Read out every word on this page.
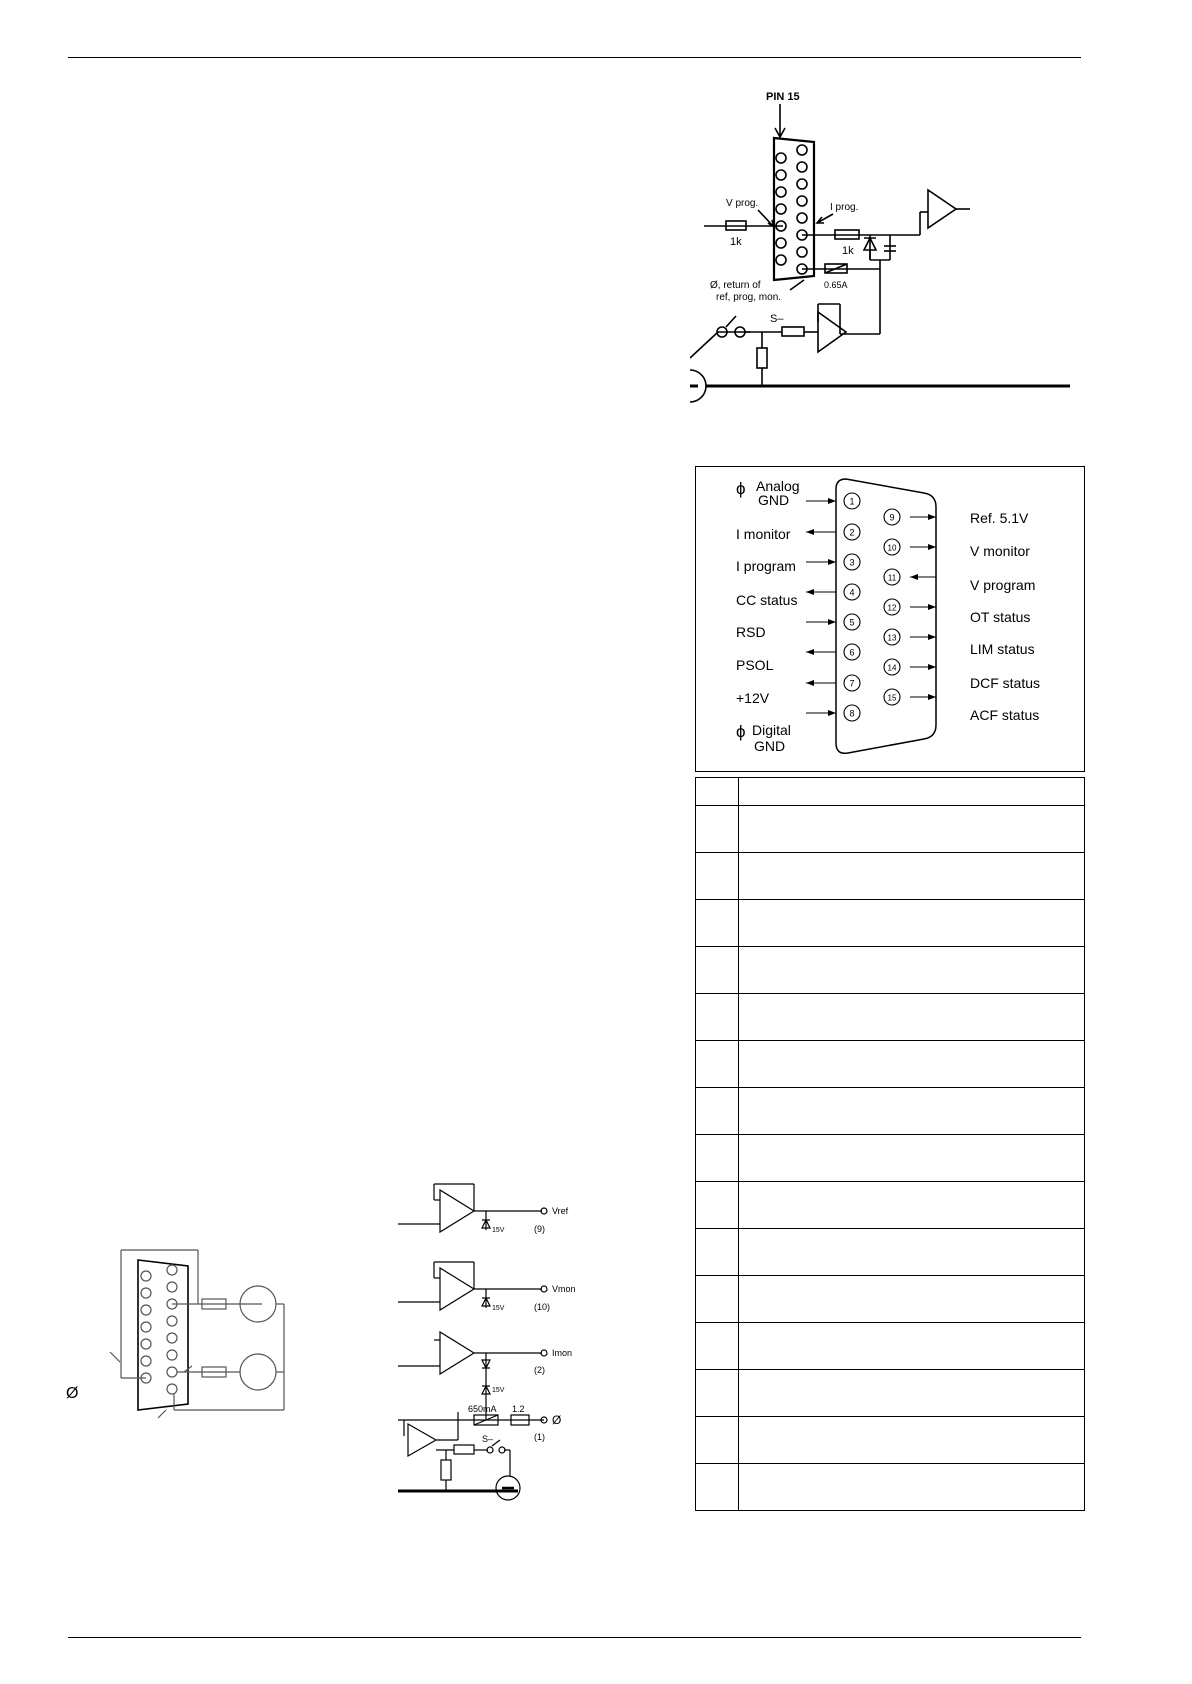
PIN 15
V prog.	I prog.
1k
1k
Ø, return of
ref, prog, mon.
0.65A
S–
1
2
3
4
5
6
7
8
9
10
11
12
13
14
15
ϕ Analog
GND
I monitor
I program
CC status
RSD
PSOL
+12V
ϕ Digital
GND
Ref. 5.1V
V monitor
V program
OT status
LIM status
DCF status
ACF status

Ø
15V
Vref
(9)
15V
Vmon
(10)
Imon
(2)
15V
650mA 1.2
Ø
(1)
S–
